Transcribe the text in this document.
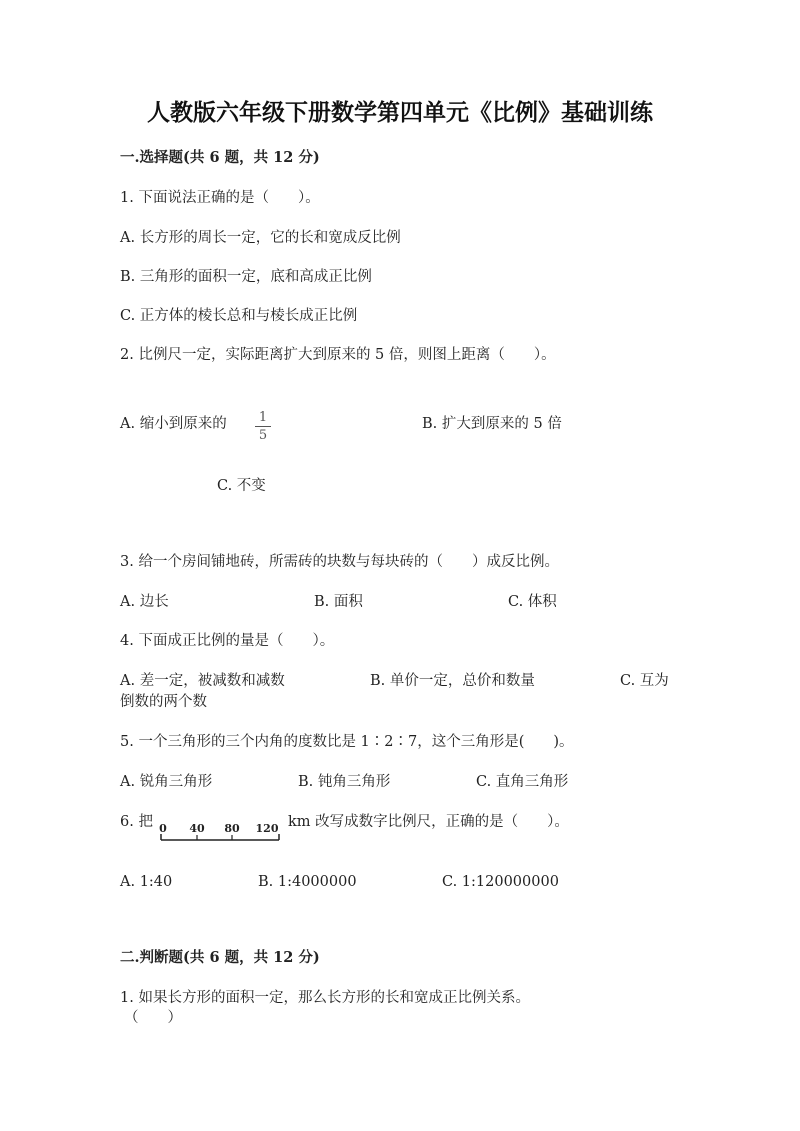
人教版六年级下册数学第四单元《比例》基础训练
一.选择题(共 6 题，共 12 分)
1. 下面说法正确的是（　　）。
A. 长方形的周长一定，它的长和宽成反比例
B. 三角形的面积一定，底和高成正比例
C. 正方体的棱长总和与棱长成正比例
2. 比例尺一定，实际距离扩大到原来的 5 倍，则图上距离（　　）。
A. 缩小到原来的 1
5
B. 扩大到原来的 5 倍
C. 不变
3. 给一个房间铺地砖，所需砖的块数与每块砖的（　　）成反比例。
A. 边长	B. 面积	C. 体积
4. 下面成正比例的量是（　　）。
A. 差一定，被减数和减数	B. 单价一定，总价和数量	C. 互为
倒数的两个数
5. 一个三角形的三个内角的度数比是 1∶2∶7，这个三角形是(　　)。
A. 锐角三角形	B. 钝角三角形	C. 直角三角形
6. 把 0 40 80 120 km 改写成数字比例尺，正确的是（　　）。
A. 1:40	B. 1:4000000	C. 1:120000000
二.判断题(共 6 题，共 12 分)
1. 如果长方形的面积一定，那么长方形的长和宽成正比例关系。
（　　）
